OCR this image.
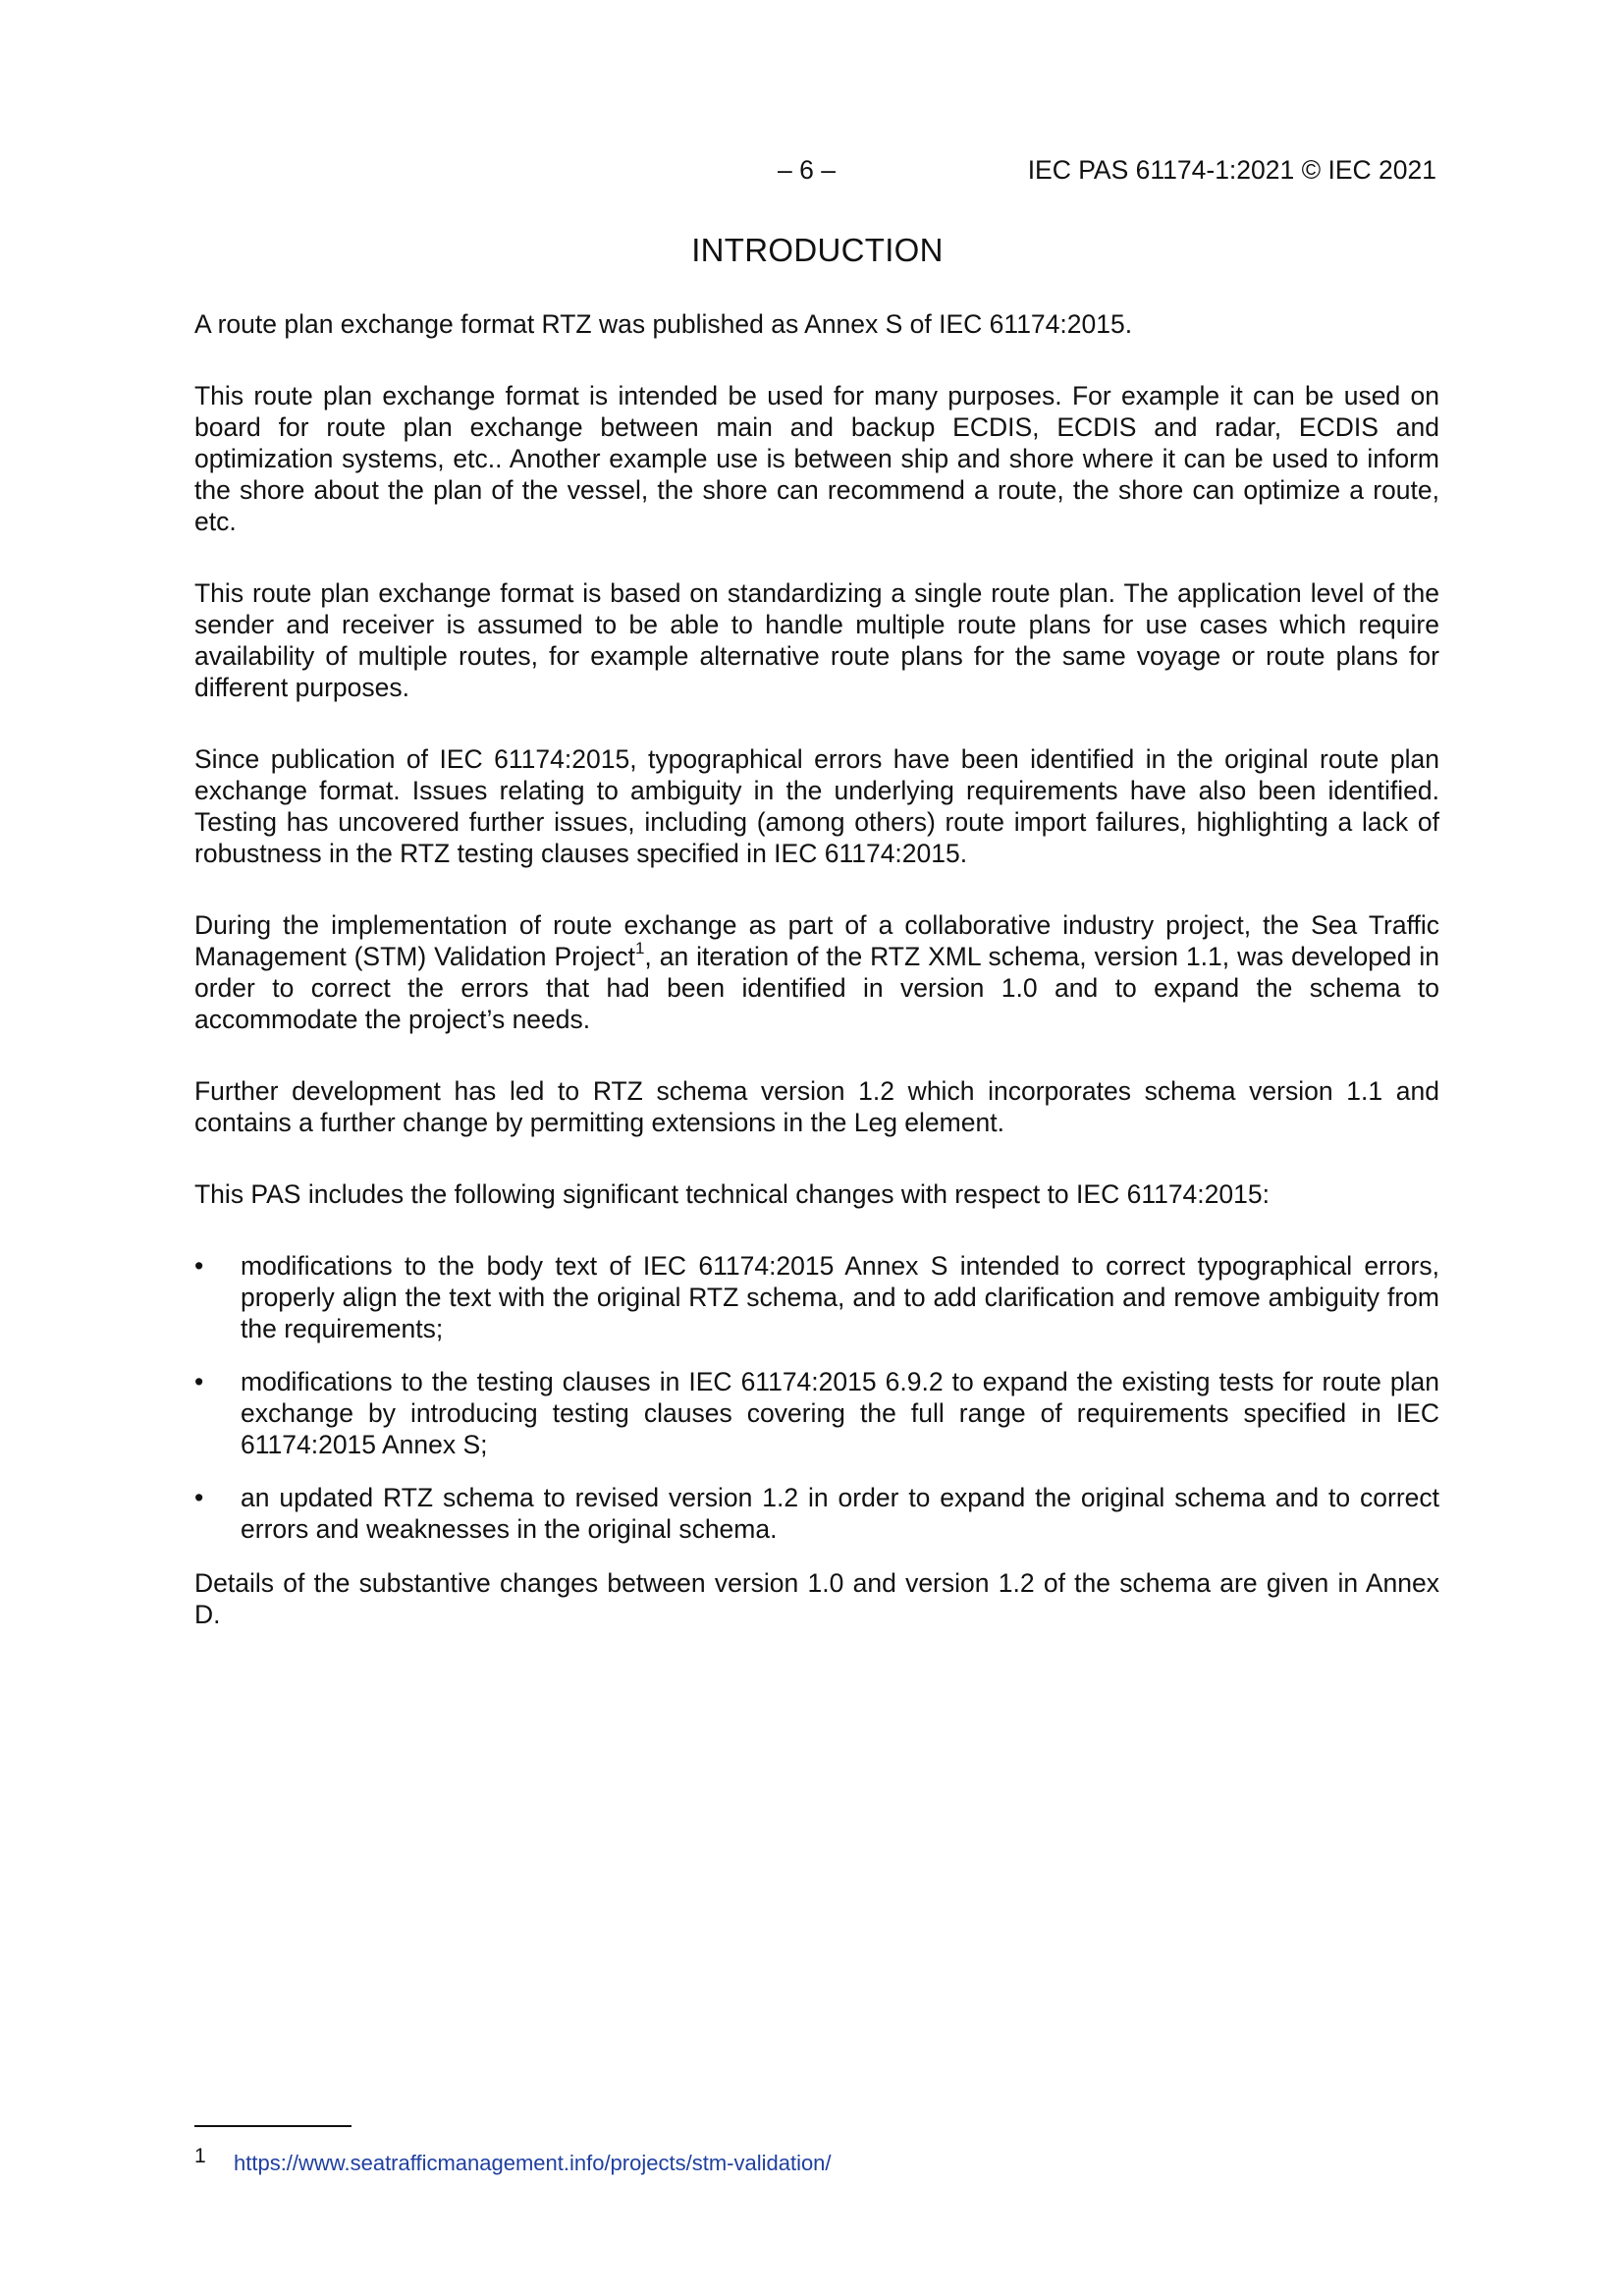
– 6 –	IEC PAS 61174-1:2021 © IEC 2021
INTRODUCTION

A route plan exchange format RTZ was published as Annex S of IEC 61174:2015.

This route plan exchange format is intended be used for many purposes. For example it can be used on board for route plan exchange between main and backup ECDIS, ECDIS and radar, ECDIS and optimization systems, etc.. Another example use is between ship and shore where it can be used to inform the shore about the plan of the vessel, the shore can recommend a route, the shore can optimize a route, etc.

This route plan exchange format is based on standardizing a single route plan. The application level of the sender and receiver is assumed to be able to handle multiple route plans for use cases which require availability of multiple routes, for example alternative route plans for the same voyage or route plans for different purposes.

Since publication of IEC 61174:2015, typographical errors have been identified in the original route plan exchange format. Issues relating to ambiguity in the underlying requirements have also been identified. Testing has uncovered further issues, including (among others) route import failures, highlighting a lack of robustness in the RTZ testing clauses specified in IEC 61174:2015.

During the implementation of route exchange as part of a collaborative industry project, the Sea Traffic Management (STM) Validation Project$^1$, an iteration of the RTZ XML schema, version 1.1, was developed in order to correct the errors that had been identified in version 1.0 and to expand the schema to accommodate the project’s needs.

Further development has led to RTZ schema version 1.2 which incorporates schema version 1.1 and contains a further change by permitting extensions in the Leg element.

This PAS includes the following significant technical changes with respect to IEC 61174:2015:

• modifications to the body text of IEC 61174:2015 Annex S intended to correct typographical errors, properly align the text with the original RTZ schema, and to add clarification and remove ambiguity from the requirements;
• modifications to the testing clauses in IEC 61174:2015 6.9.2 to expand the existing tests for route plan exchange by introducing testing clauses covering the full range of requirements specified in IEC 61174:2015 Annex S;
• an updated RTZ schema to revised version 1.2 in order to expand the original schema and to correct errors and weaknesses in the original schema.

Details of the substantive changes between version 1.0 and version 1.2 of the schema are given in Annex D.

1 https://www.seatrafficmanagement.info/projects/stm-validation/
